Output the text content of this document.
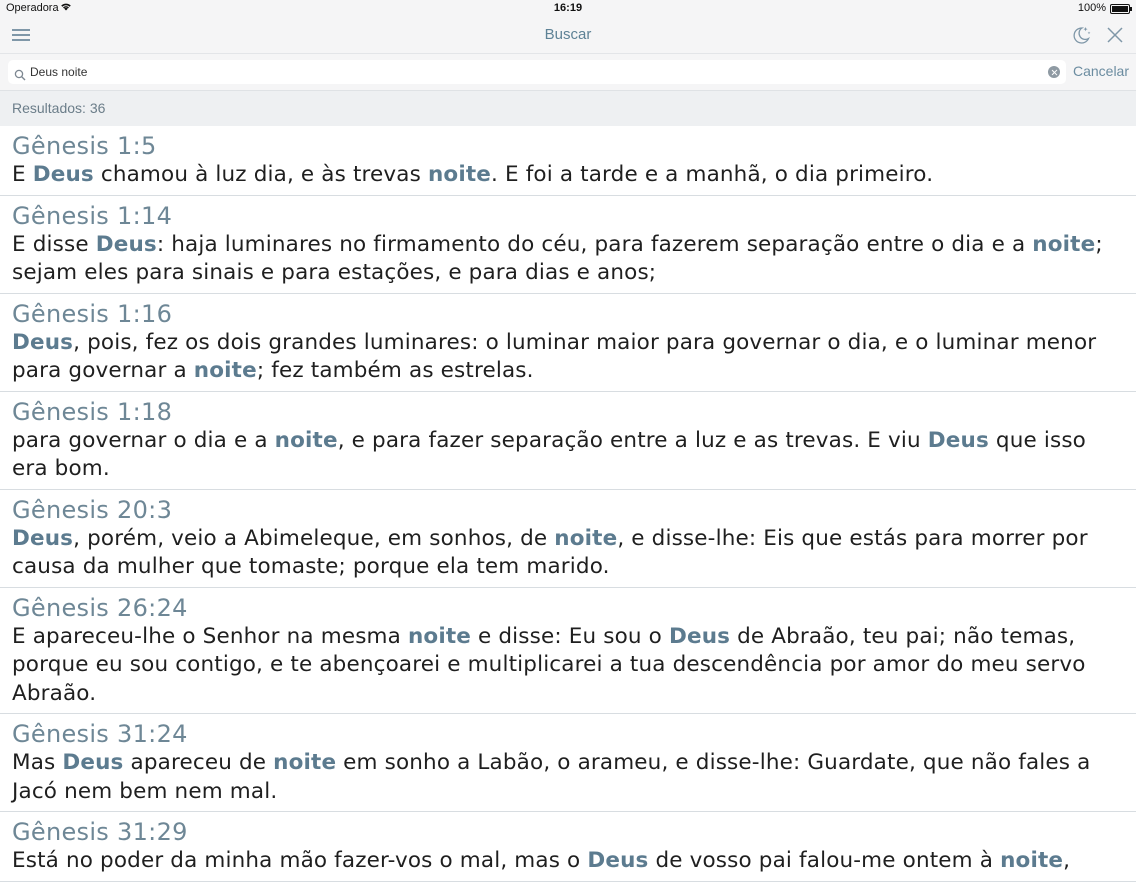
Operadora	16:19	100%
Buscar
Deus noite
Cancelar
Resultados: 36
Gênesis 1:5
E Deus chamou à luz dia, e às trevas noite. E foi a tarde e a manhã, o dia primeiro.
Gênesis 1:14
E disse Deus: haja luminares no firmamento do céu, para fazerem separação entre o dia e a noite; sejam eles para sinais e para estações, e para dias e anos;
Gênesis 1:16
Deus, pois, fez os dois grandes luminares: o luminar maior para governar o dia, e o luminar menor para governar a noite; fez também as estrelas.
Gênesis 1:18
para governar o dia e a noite, e para fazer separação entre a luz e as trevas. E viu Deus que isso era bom.
Gênesis 20:3
Deus, porém, veio a Abimeleque, em sonhos, de noite, e disse-lhe: Eis que estás para morrer por causa da mulher que tomaste; porque ela tem marido.
Gênesis 26:24
E apareceu-lhe o Senhor na mesma noite e disse: Eu sou o Deus de Abraão, teu pai; não temas, porque eu sou contigo, e te abençoarei e multiplicarei a tua descendência por amor do meu servo Abraão.
Gênesis 31:24
Mas Deus apareceu de noite em sonho a Labão, o arameu, e disse-lhe: Guardate, que não fales a Jacó nem bem nem mal.
Gênesis 31:29
Está no poder da minha mão fazer-vos o mal, mas o Deus de vosso pai falou-me ontem à noite,
